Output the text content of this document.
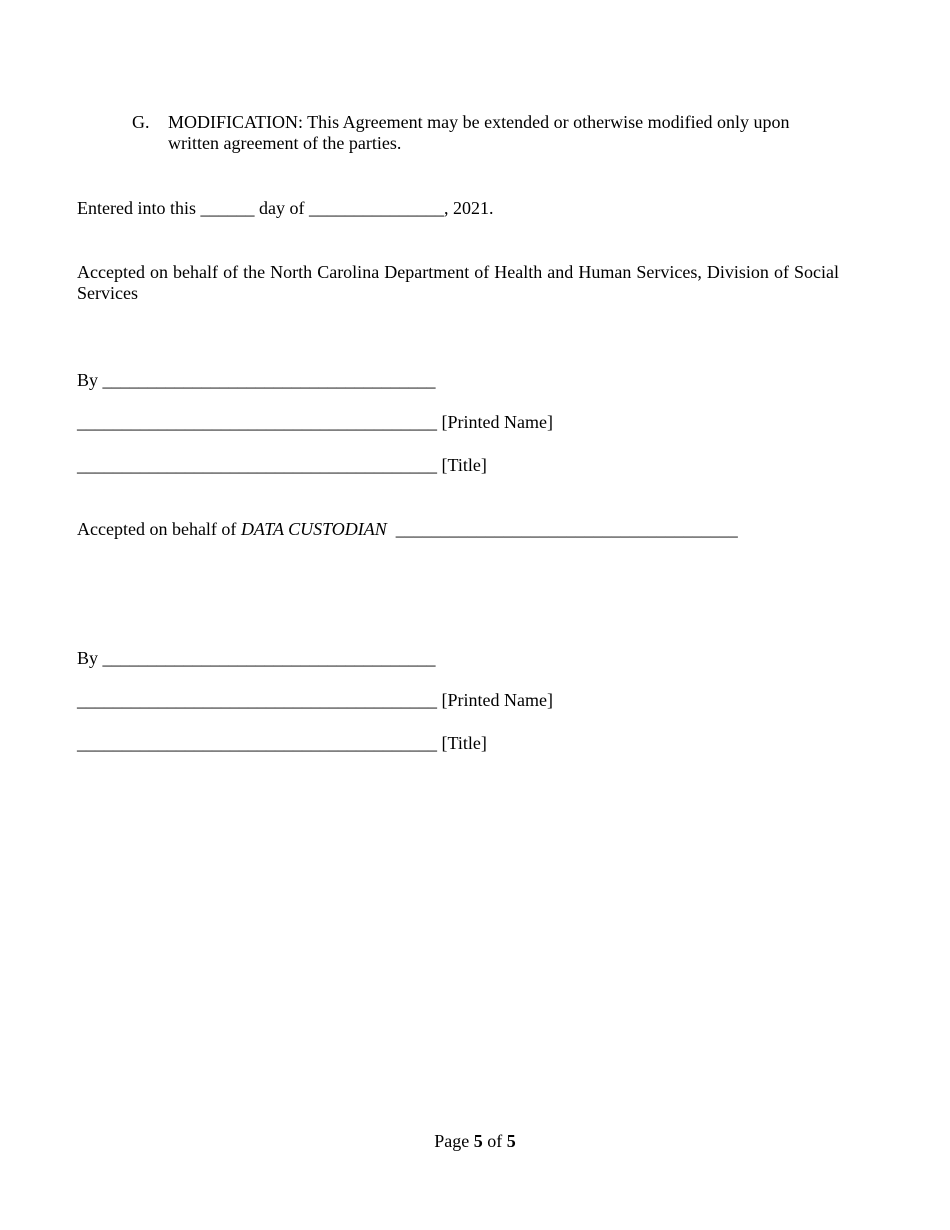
G. MODIFICATION: This Agreement may be extended or otherwise modified only upon written agreement of the parties.
Entered into this ______ day of _______________, 2021.
Accepted on behalf of the North Carolina Department of Health and Human Services, Division of Social Services
By _____________________________________
________________________________________ [Printed Name]
________________________________________ [Title]
Accepted on behalf of DATA CUSTODIAN ______________________________________
By _____________________________________
________________________________________ [Printed Name]
________________________________________ [Title]
Page 5 of 5
